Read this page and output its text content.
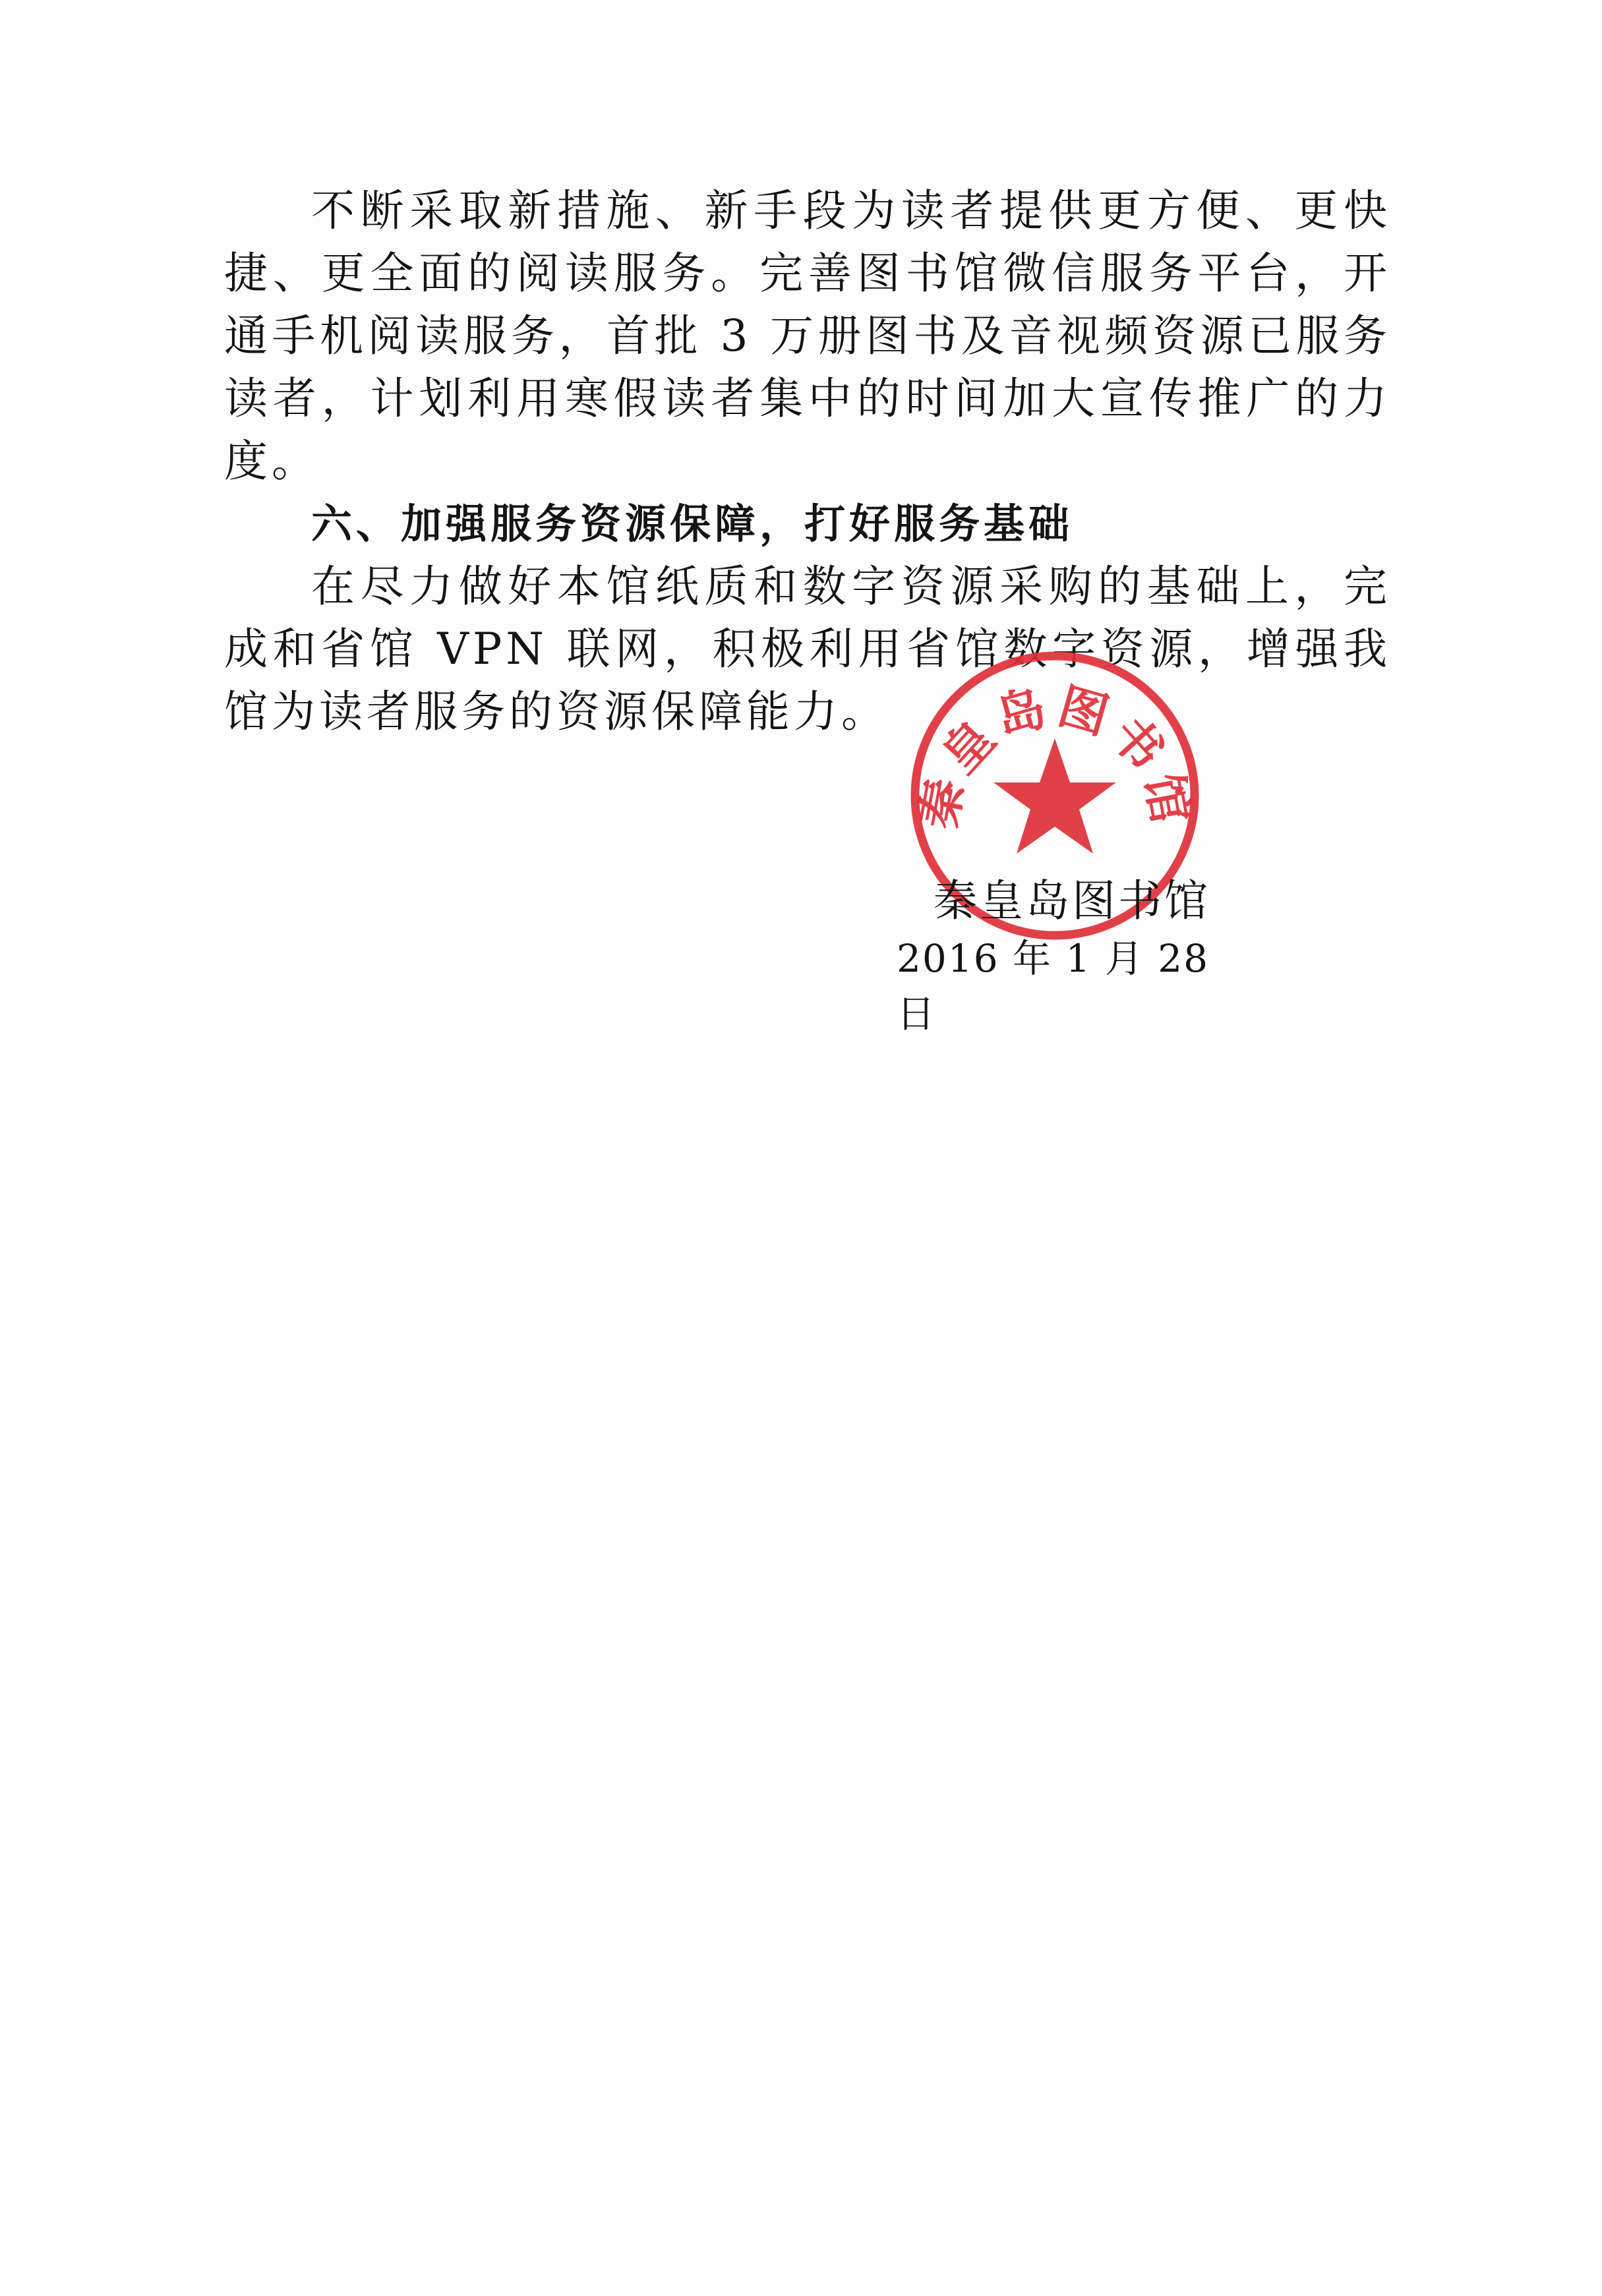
不断采取新措施、新手段为读者提供更方便、更快捷、更全面的阅读服务。完善图书馆微信服务平台，开通手机阅读服务，首批 3 万册图书及音视频资源已服务读者，计划利用寒假读者集中的时间加大宣传推广的力度。

六、加强服务资源保障，打好服务基础

在尽力做好本馆纸质和数字资源采购的基础上，完成和省馆 VPN 联网，积极利用省馆数字资源，增强我馆为读者服务的资源保障能力。

秦皇岛图书馆

秦皇岛图书馆

2016 年 1 月 28 日
